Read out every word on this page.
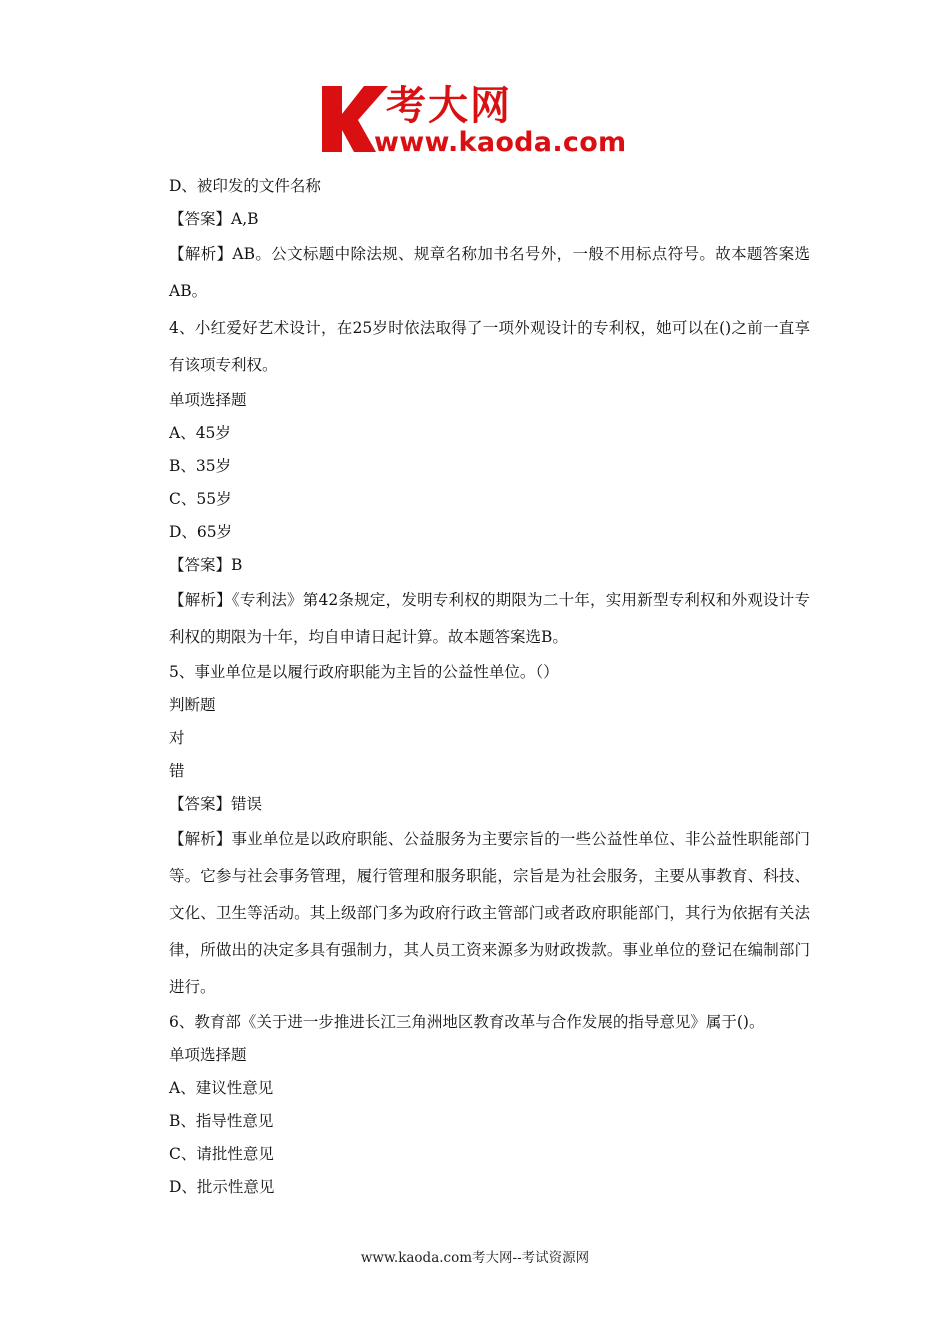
考大网
www.kaoda.com

D、被印发的文件名称

【答案】A,B

【解析】AB。公文标题中除法规、规章名称加书名号外，一般不用标点符号。故本题答案选AB。

4、小红爱好艺术设计，在25岁时依法取得了一项外观设计的专利权，她可以在()之前一直享有该项专利权。

单项选择题

A、45岁

B、35岁

C、55岁

D、65岁

【答案】B

【解析】《专利法》第42条规定，发明专利权的期限为二十年，实用新型专利权和外观设计专利权的期限为十年，均自申请日起计算。故本题答案选B。

5、事业单位是以履行政府职能为主旨的公益性单位。（）

判断题

对

错

【答案】错误

【解析】事业单位是以政府职能、公益服务为主要宗旨的一些公益性单位、非公益性职能部门等。它参与社会事务管理，履行管理和服务职能，宗旨是为社会服务，主要从事教育、科技、文化、卫生等活动。其上级部门多为政府行政主管部门或者政府职能部门，其行为依据有关法律，所做出的决定多具有强制力，其人员工资来源多为财政拨款。事业单位的登记在编制部门进行。

6、教育部《关于进一步推进长江三角洲地区教育改革与合作发展的指导意见》属于()。

单项选择题

A、建议性意见

B、指导性意见

C、请批性意见

D、批示性意见

www.kaoda.com考大网--考试资源网
